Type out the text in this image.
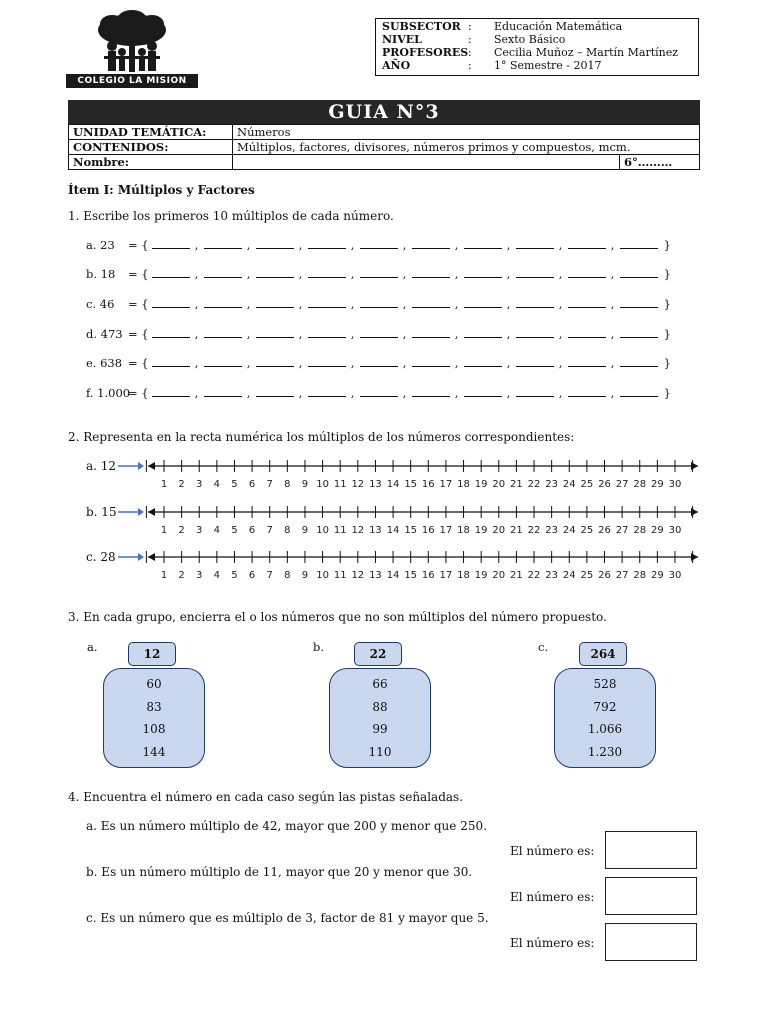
COLEGIO LA MISION
SUBSECTOR :	Educación Matemática
NIVEL	:	Sexto Básico
PROFESORES :	Cecilia Muñoz – Martín Martínez
AÑO	:	1° Semestre - 2017
GUIA N°3
UNIDAD TEMÁTICA:	Números	
CONTENIDOS:	Múltiplos, factores, divisores, números primos y compuestos, mcm.	
Nombre:		6°………
Ítem I: Múltiplos y Factores
1. Escribe los primeros 10 múltiplos de cada número.
a. 23 = {	,	,	,	,	,	,	,	,	,	}
b. 18 = {	,	,	,	,	,	,	,	,	,	}
c. 46 = {	,	,	,	,	,	,	,	,	,	}
d. 473 = {	,	,	,	,	,	,	,	,	,	}
e. 638 = {	,	,	,	,	,	,	,	,	,	}
f. 1.000= {	,	,	,	,	,	,	,	,	,	}
2. Representa en la recta numérica los múltiplos de los números correspondientes:
a. 12
1 2 3 4 5 6 7 8 9 10 11 12 13 14 15 16 17 18 19 20 21 22 23 24 25 26 27 28 29 30
b. 15
1 2 3 4 5 6 7 8 9 10 11 12 13 14 15 16 17 18 19 20 21 22 23 24 25 26 27 28 29 30
c. 28
1 2 3 4 5 6 7 8 9 10 11 12 13 14 15 16 17 18 19 20 21 22 23 24 25 26 27 28 29 30
3. En cada grupo, encierra el o los números que no son múltiplos del número propuesto.
a.	12
60
83
108
144
b.	22
66
88
99
110
c.	264
528
792
1.066
1.230
4. Encuentra el número en cada caso según las pistas señaladas.
a. Es un número múltiplo de 42, mayor que 200 y menor que 250.
El número es:
b. Es un número múltiplo de 11, mayor que 20 y menor que 30.
El número es:
c. Es un número que es múltiplo de 3, factor de 81 y mayor que 5.
El número es:
